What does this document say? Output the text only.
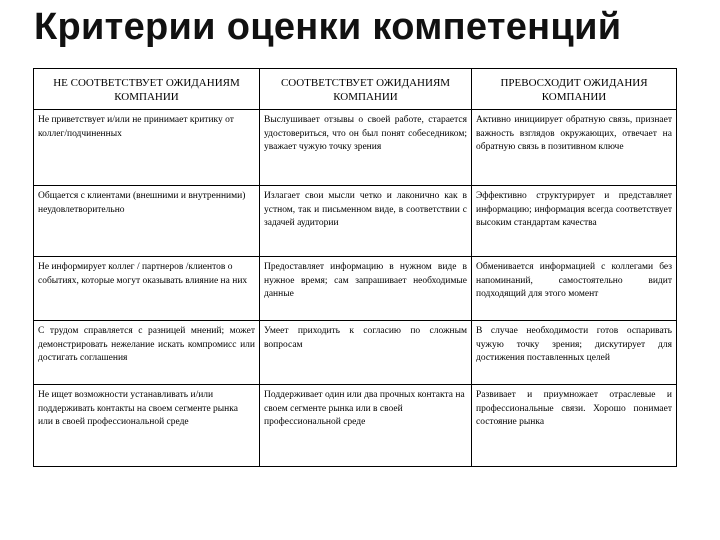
Критерии оценки компетенций
НЕ СООТВЕТСТВУЕТ ОЖИДАНИЯМ КОМПАНИИ	СООТВЕТСТВУЕТ ОЖИДАНИЯМ КОМПАНИИ	ПРЕВОСХОДИТ ОЖИДАНИЯ КОМПАНИИ
Не приветствует и/или не принимает критику от коллег/подчиненных	Выслушивает отзывы о своей работе, старается удостовериться, что он был понят собеседником; уважает чужую точку зрения	Активно инициирует обратную связь, признает важность взглядов окружающих, отвечает на обратную связь в позитивном ключе
Общается с клиентами (внешними и внутренними) неудовлетворительно	Излагает свои мысли четко и лаконично как в устном, так и письменном виде, в соответствии с задачей аудитории	Эффективно структурирует и представляет информацию; информация всегда соответствует высоким стандартам качества
Не информирует коллег / партнеров /клиентов о событиях, которые могут оказывать влияние на них	Предоставляет информацию в нужном виде в нужное время; сам запрашивает необходимые данные	Обменивается информацией с коллегами без напоминаний, самостоятельно видит подходящий для этого момент
С трудом справляется с разницей мнений; может демонстрировать нежелание искать компромисс или достигать соглашения	Умеет приходить к согласию по сложным вопросам	В случае необходимости готов оспаривать чужую точку зрения; дискутирует для достижения поставленных целей
Не ищет возможности устанавливать и/или поддерживать контакты на своем сегменте рынка или в своей профессиональной среде	Поддерживает один или два прочных контакта на своем сегменте рынка или в своей профессиональной среде	Развивает и приумножает отраслевые и профессиональные связи. Хорошо понимает состояние рынка
